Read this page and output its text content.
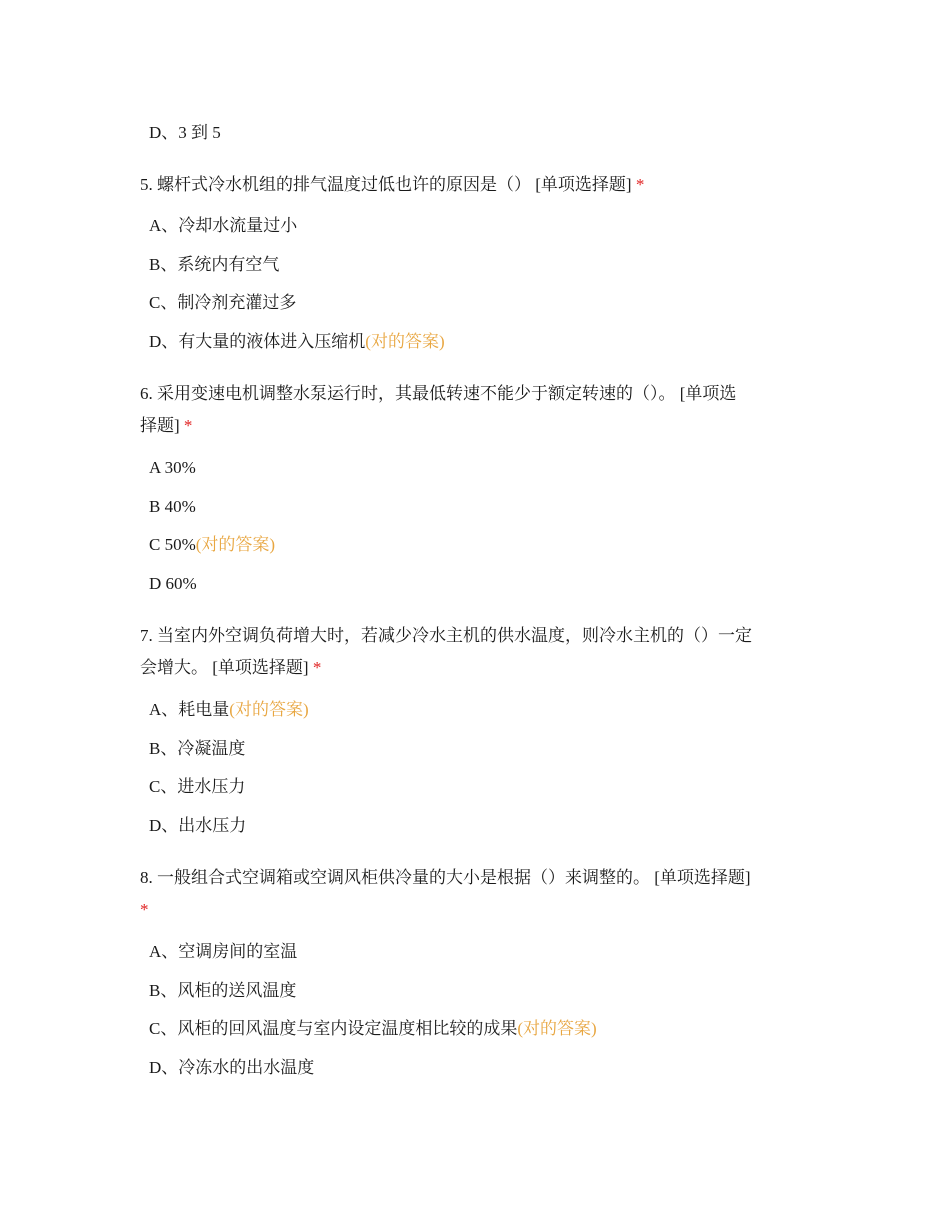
D、3 到 5
5. 螺杆式冷水机组的排气温度过低也许的原因是（） [单项选择题] *
A、冷却水流量过小
B、系统内有空气
C、制冷剂充灌过多
D、有大量的液体进入压缩机(对的答案)
6. 采用变速电机调整水泵运行时，其最低转速不能少于额定转速的（）。 [单项选
择题] *
A 30%
B 40%
C 50%(对的答案)
D 60%
7. 当室内外空调负荷增大时，若减少冷水主机的供水温度，则冷水主机的（）一定
会增大。 [单项选择题] *
A、耗电量(对的答案)
B、冷凝温度
C、进水压力
D、出水压力
8. 一般组合式空调箱或空调风柜供冷量的大小是根据（）来调整的。 [单项选择题]
*
A、空调房间的室温
B、风柜的送风温度
C、风柜的回风温度与室内设定温度相比较的成果(对的答案)
D、冷冻水的出水温度
